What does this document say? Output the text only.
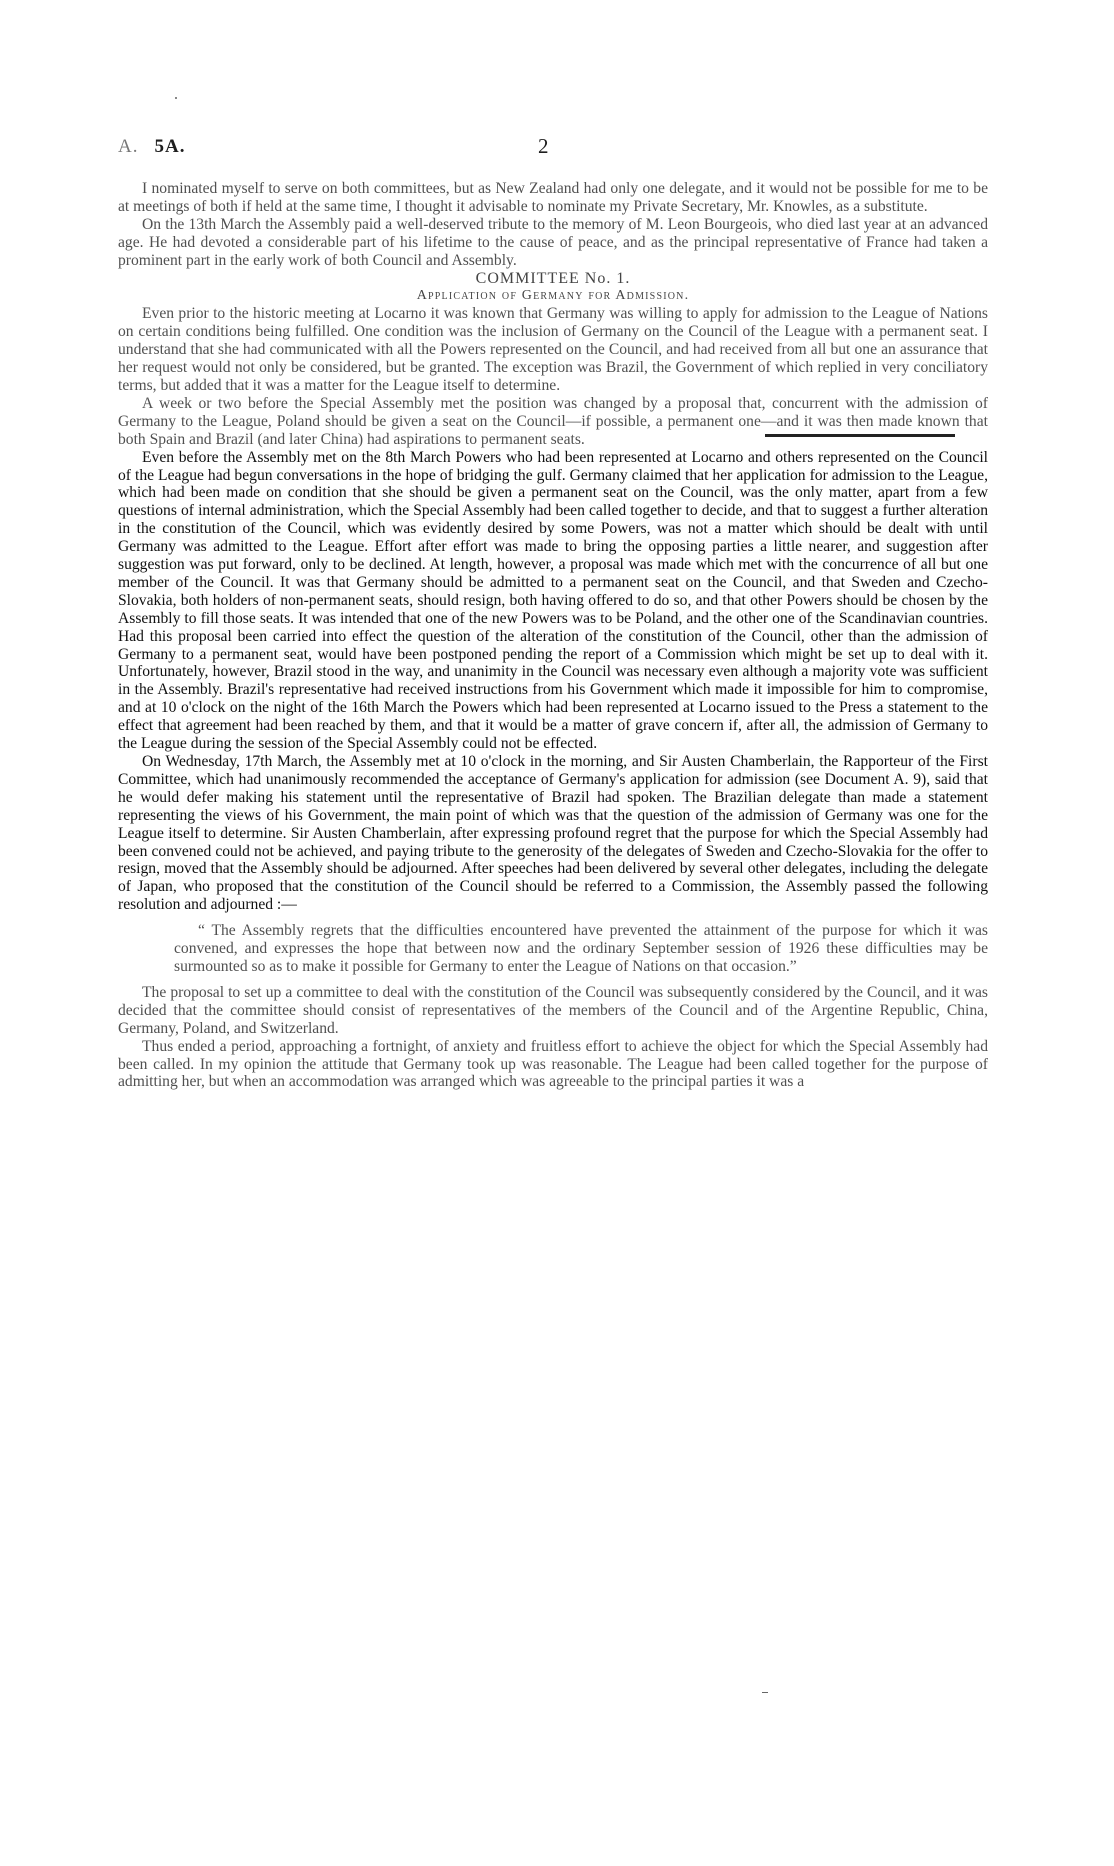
A. 5A.	2

I nominated myself to serve on both committees, but as New Zealand had only one delegate, and it would not be possible for me to be at meetings of both if held at the same time, I thought it advisable to nominate my Private Secretary, Mr. Knowles, as a substitute.

On the 13th March the Assembly paid a well-deserved tribute to the memory of M. Leon Bourgeois, who died last year at an advanced age. He had devoted a considerable part of his lifetime to the cause of peace, and as the principal representative of France had taken a prominent part in the early work of both Council and Assembly.

COMMITTEE No. 1.

Application of Germany for Admission.

Even prior to the historic meeting at Locarno it was known that Germany was willing to apply for admission to the League of Nations on certain conditions being fulfilled. One condition was the inclusion of Germany on the Council of the League with a permanent seat. I understand that she had communicated with all the Powers represented on the Council, and had received from all but one an assurance that her request would not only be considered, but be granted. The exception was Brazil, the Government of which replied in very conciliatory terms, but added that it was a matter for the League itself to determine.

A week or two before the Special Assembly met the position was changed by a proposal that, concurrent with the admission of Germany to the League, Poland should be given a seat on the Council—if possible, a permanent one—and it was then made known that both Spain and Brazil (and later China) had aspirations to permanent seats.

Even before the Assembly met on the 8th March Powers who had been represented at Locarno and others represented on the Council of the League had begun conversations in the hope of bridging the gulf. Germany claimed that her application for admission to the League, which had been made on condition that she should be given a permanent seat on the Council, was the only matter, apart from a few questions of internal administration, which the Special Assembly had been called together to decide, and that to suggest a further alteration in the constitution of the Council, which was evidently desired by some Powers, was not a matter which should be dealt with until Germany was admitted to the League. Effort after effort was made to bring the opposing parties a little nearer, and suggestion after suggestion was put forward, only to be declined. At length, however, a proposal was made which met with the concurrence of all but one member of the Council. It was that Germany should be admitted to a permanent seat on the Council, and that Sweden and Czecho-Slovakia, both holders of non-permanent seats, should resign, both having offered to do so, and that other Powers should be chosen by the Assembly to fill those seats. It was intended that one of the new Powers was to be Poland, and the other one of the Scandinavian countries. Had this proposal been carried into effect the question of the alteration of the constitution of the Council, other than the admission of Germany to a permanent seat, would have been postponed pending the report of a Commission which might be set up to deal with it. Unfortunately, however, Brazil stood in the way, and unanimity in the Council was necessary even although a majority vote was sufficient in the Assembly. Brazil's representative had received instructions from his Government which made it impossible for him to compromise, and at 10 o'clock on the night of the 16th March the Powers which had been represented at Locarno issued to the Press a statement to the effect that agreement had been reached by them, and that it would be a matter of grave concern if, after all, the admission of Germany to the League during the session of the Special Assembly could not be effected.

On Wednesday, 17th March, the Assembly met at 10 o'clock in the morning, and Sir Austen Chamberlain, the Rapporteur of the First Committee, which had unanimously recommended the acceptance of Germany's application for admission (see Document A. 9), said that he would defer making his statement until the representative of Brazil had spoken. The Brazilian delegate than made a statement representing the views of his Government, the main point of which was that the question of the admission of Germany was one for the League itself to determine. Sir Austen Chamberlain, after expressing profound regret that the purpose for which the Special Assembly had been convened could not be achieved, and paying tribute to the generosity of the delegates of Sweden and Czecho-Slovakia for the offer to resign, moved that the Assembly should be adjourned. After speeches had been delivered by several other delegates, including the delegate of Japan, who proposed that the constitution of the Council should be referred to a Commission, the Assembly passed the following resolution and adjourned :—

“ The Assembly regrets that the difficulties encountered have prevented the attainment of the purpose for which it was convened, and expresses the hope that between now and the ordinary September session of 1926 these difficulties may be surmounted so as to make it possible for Germany to enter the League of Nations on that occasion.”

The proposal to set up a committee to deal with the constitution of the Council was subsequently considered by the Council, and it was decided that the committee should consist of representatives of the members of the Council and of the Argentine Republic, China, Germany, Poland, and Switzerland.

Thus ended a period, approaching a fortnight, of anxiety and fruitless effort to achieve the object for which the Special Assembly had been called. In my opinion the attitude that Germany took up was reasonable. The League had been called together for the purpose of admitting her, but when an accommodation was arranged which was agreeable to the principal parties it was a
